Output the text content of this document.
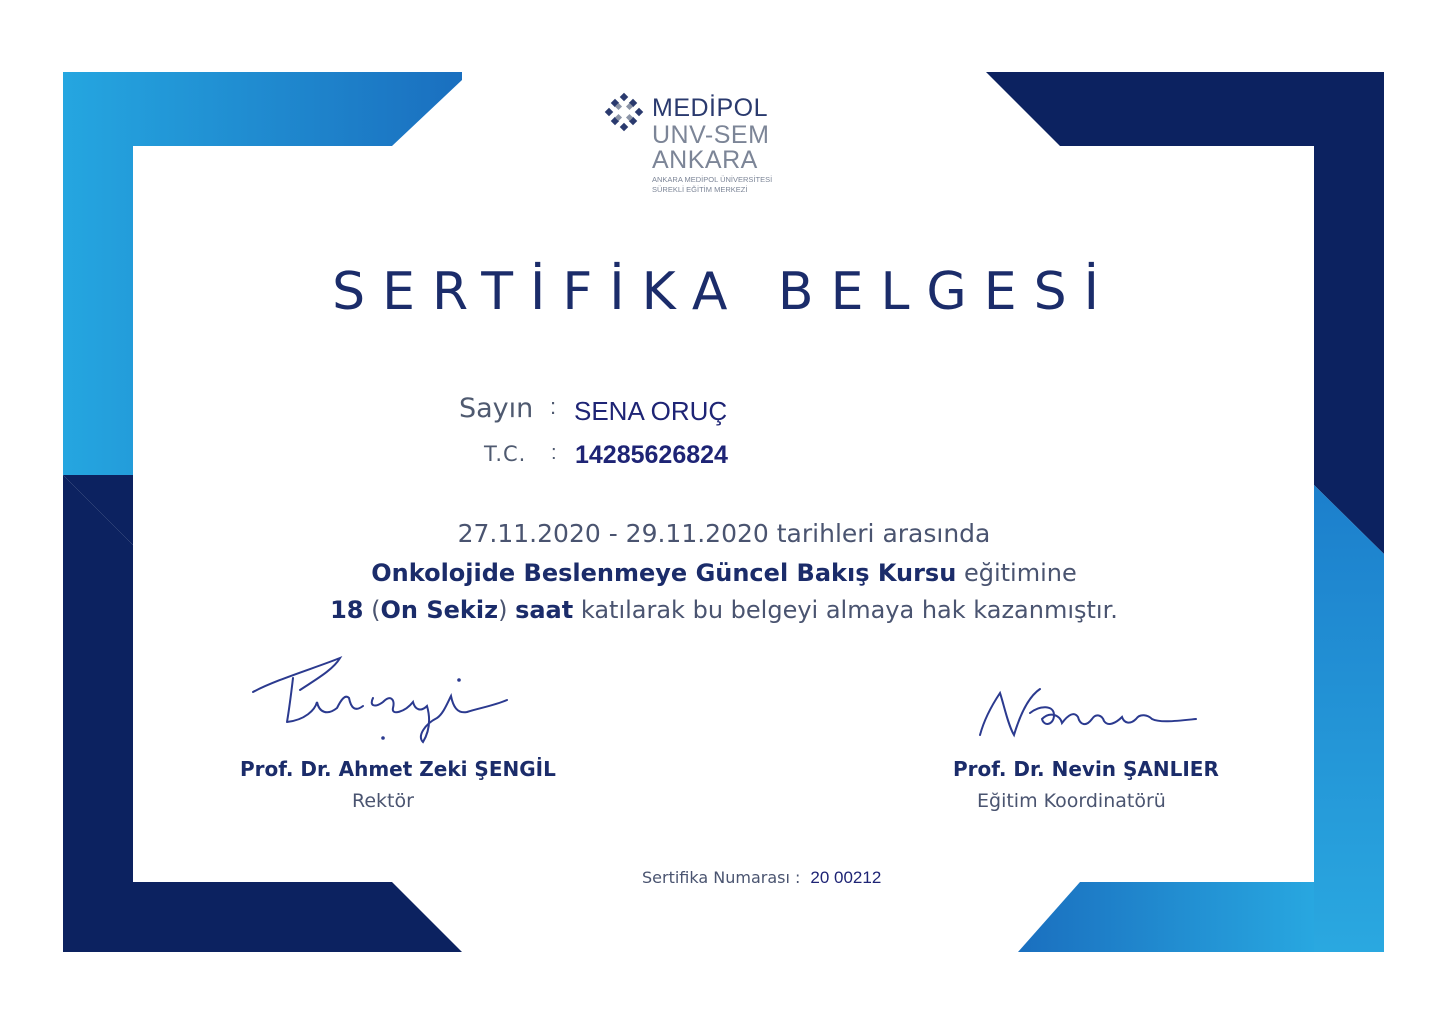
MEDİPOL
UNV-SEM
ANKARA
ANKARA MEDİPOL ÜNİVERSİTESİ
SÜREKLİ EĞİTİM MERKEZİ
SERTİFİKA BELGESİ
Sayın : SENA ORUÇ
T.C. : 14285626824
27.11.2020 - 29.11.2020 tarihleri arasında
Onkolojide Beslenmeye Güncel Bakış Kursu eğitimine
18 (On Sekiz) saat katılarak bu belgeyi almaya hak kazanmıştır.
Prof. Dr. Ahmet Zeki ŞENGİL
Rektör
Prof. Dr. Nevin ŞANLIER
Eğitim Koordinatörü
Sertifika Numarası : 20 00212
